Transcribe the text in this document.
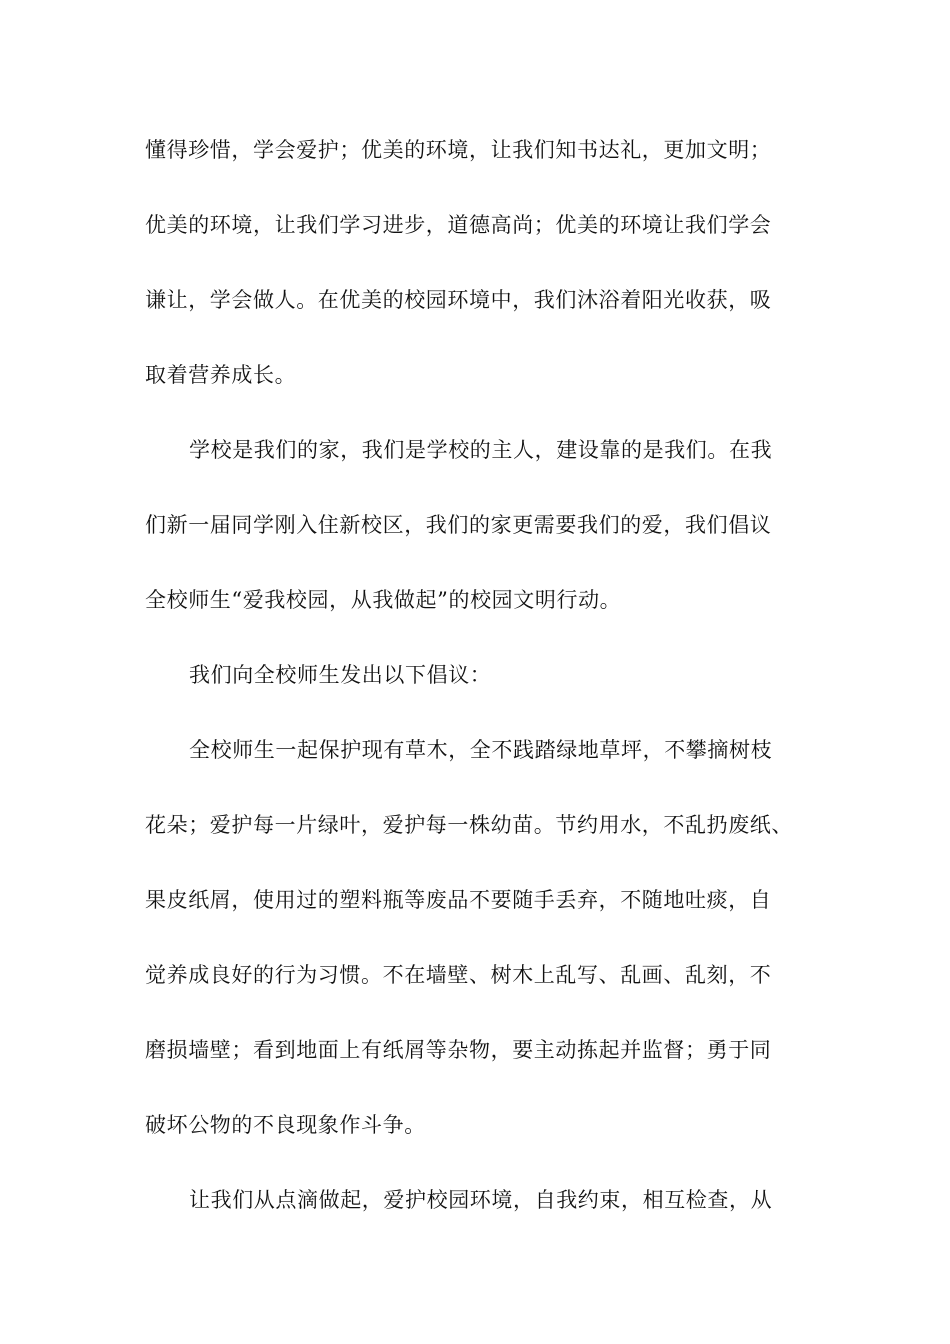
懂得珍惜，学会爱护；优美的环境，让我们知书达礼，更加文明；
优美的环境，让我们学习进步，道德高尚；优美的环境让我们学会
谦让，学会做人。在优美的校园环境中，我们沐浴着阳光收获，吸
取着营养成长。
学校是我们的家，我们是学校的主人，建设靠的是我们。在我
们新一届同学刚入住新校区，我们的家更需要我们的爱，我们倡议
全校师生“爱我校园，从我做起”的校园文明行动。
我们向全校师生发出以下倡议：
全校师生一起保护现有草木，全不践踏绿地草坪，不攀摘树枝
花朵；爱护每一片绿叶，爱护每一株幼苗。节约用水，不乱扔废纸、
果皮纸屑，使用过的塑料瓶等废品不要随手丢弃，不随地吐痰，自
觉养成良好的行为习惯。不在墙壁、树木上乱写、乱画、乱刻，不
磨损墙壁；看到地面上有纸屑等杂物，要主动拣起并监督；勇于同
破坏公物的不良现象作斗争。
让我们从点滴做起，爱护校园环境，自我约束，相互检查，从
